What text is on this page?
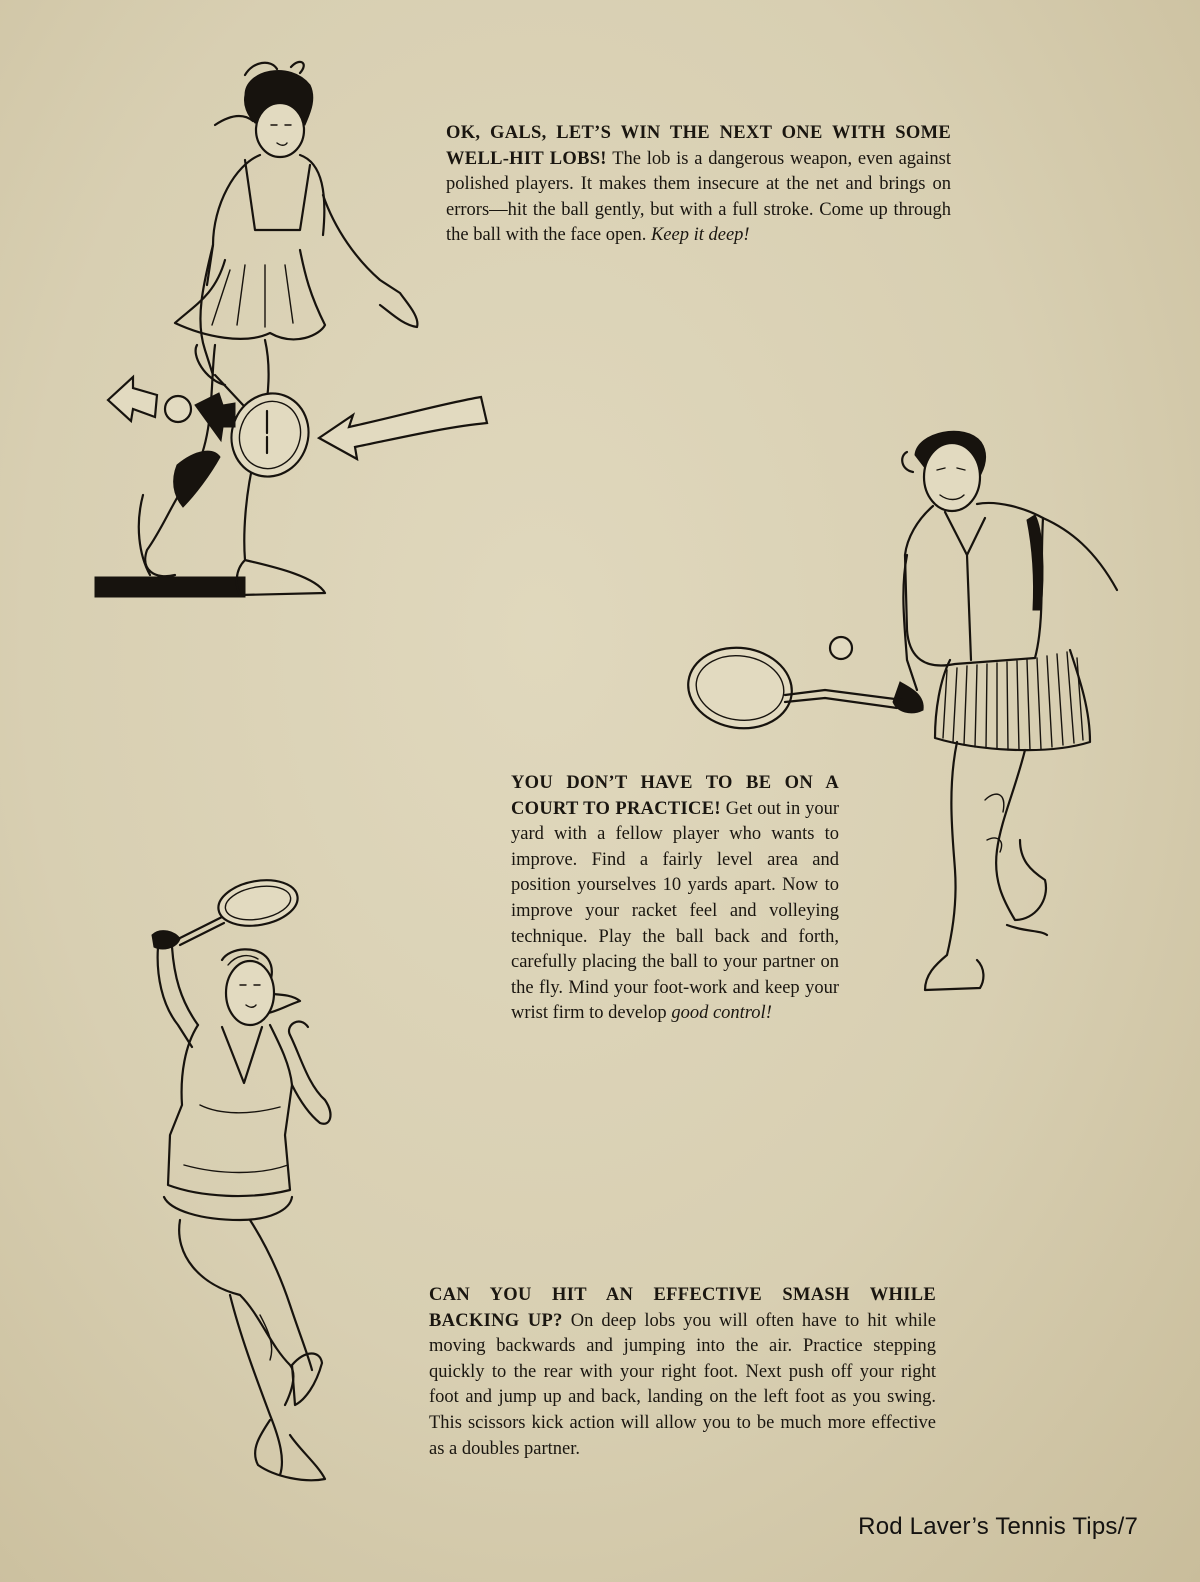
OK, GALS, LET’S WIN THE NEXT ONE WITH SOME WELL-HIT LOBS! The lob is a dangerous weapon, even against polished players. It makes them insecure at the net and brings on errors—hit the ball gently, but with a full stroke. Come up through the ball with the face open. Keep it deep!

YOU DON’T HAVE TO BE ON A COURT TO PRACTICE! Get out in your yard with a fellow player who wants to improve. Find a fairly level area and position yourselves 10 yards apart. Now to improve your racket feel and volleying technique. Play the ball back and forth, carefully placing the ball to your partner on the fly. Mind your foot-work and keep your wrist firm to develop good control!

CAN YOU HIT AN EFFECTIVE SMASH WHILE BACKING UP? On deep lobs you will often have to hit while moving backwards and jumping into the air. Practice stepping quickly to the rear with your right foot. Next push off your right foot and jump up and back, landing on the left foot as you swing. This scissors kick action will allow you to be much more effective as a doubles partner.

Rod Laver’s Tennis Tips/7
